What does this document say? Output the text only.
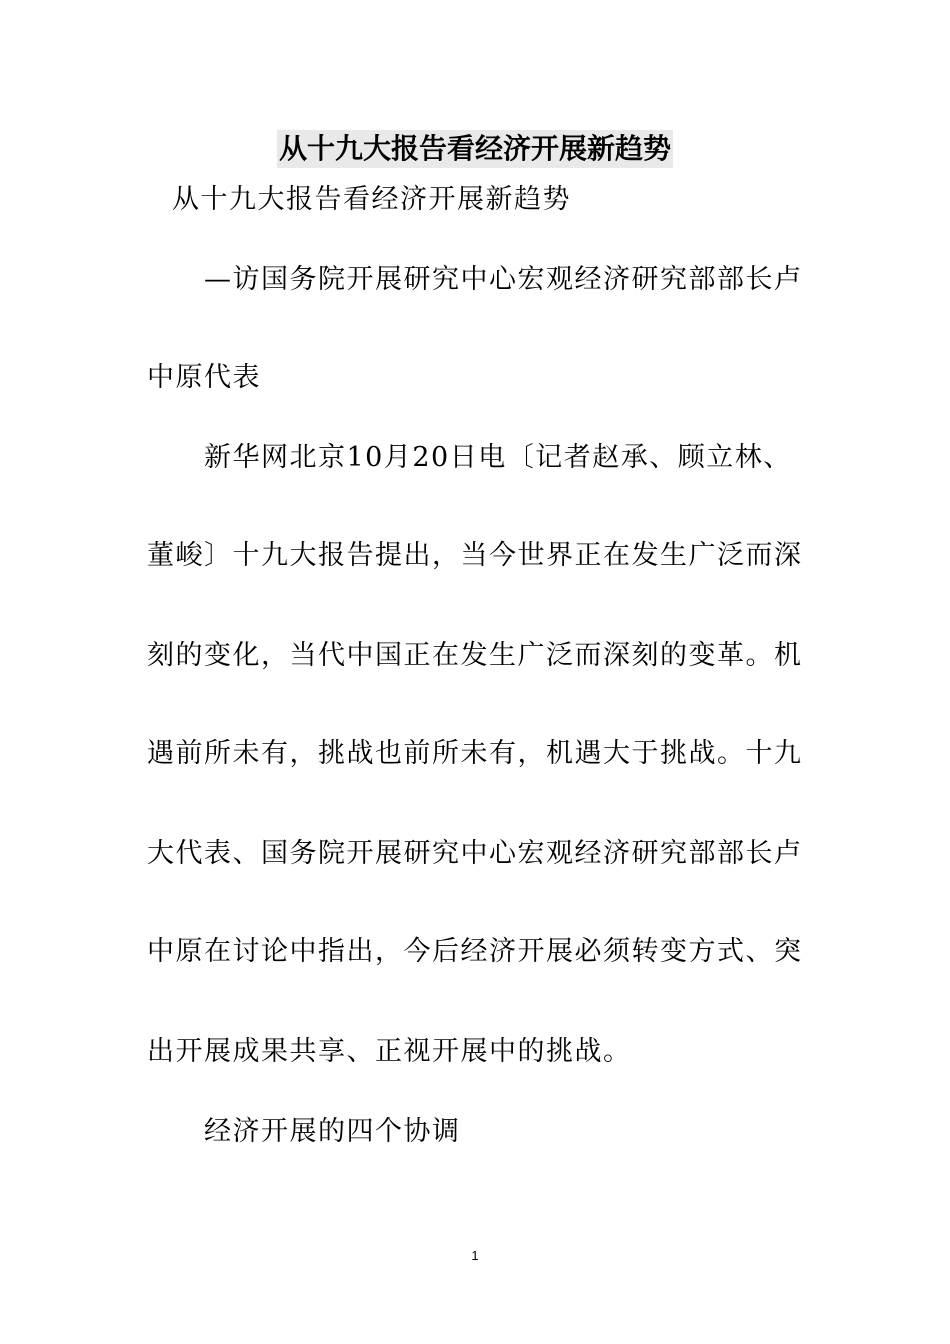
从十九大报告看经济开展新趋势
从十九大报告看经济开展新趋势
—访国务院开展研究中心宏观经济研究部部长卢
中原代表
新华网北京10月20日电〔记者赵承、顾立林、
董峻〕十九大报告提出，当今世界正在发生广泛而深
刻的变化，当代中国正在发生广泛而深刻的变革。机
遇前所未有，挑战也前所未有，机遇大于挑战。十九
大代表、国务院开展研究中心宏观经济研究部部长卢
中原在讨论中指出，今后经济开展必须转变方式、突
出开展成果共享、正视开展中的挑战。
经济开展的四个协调
1
